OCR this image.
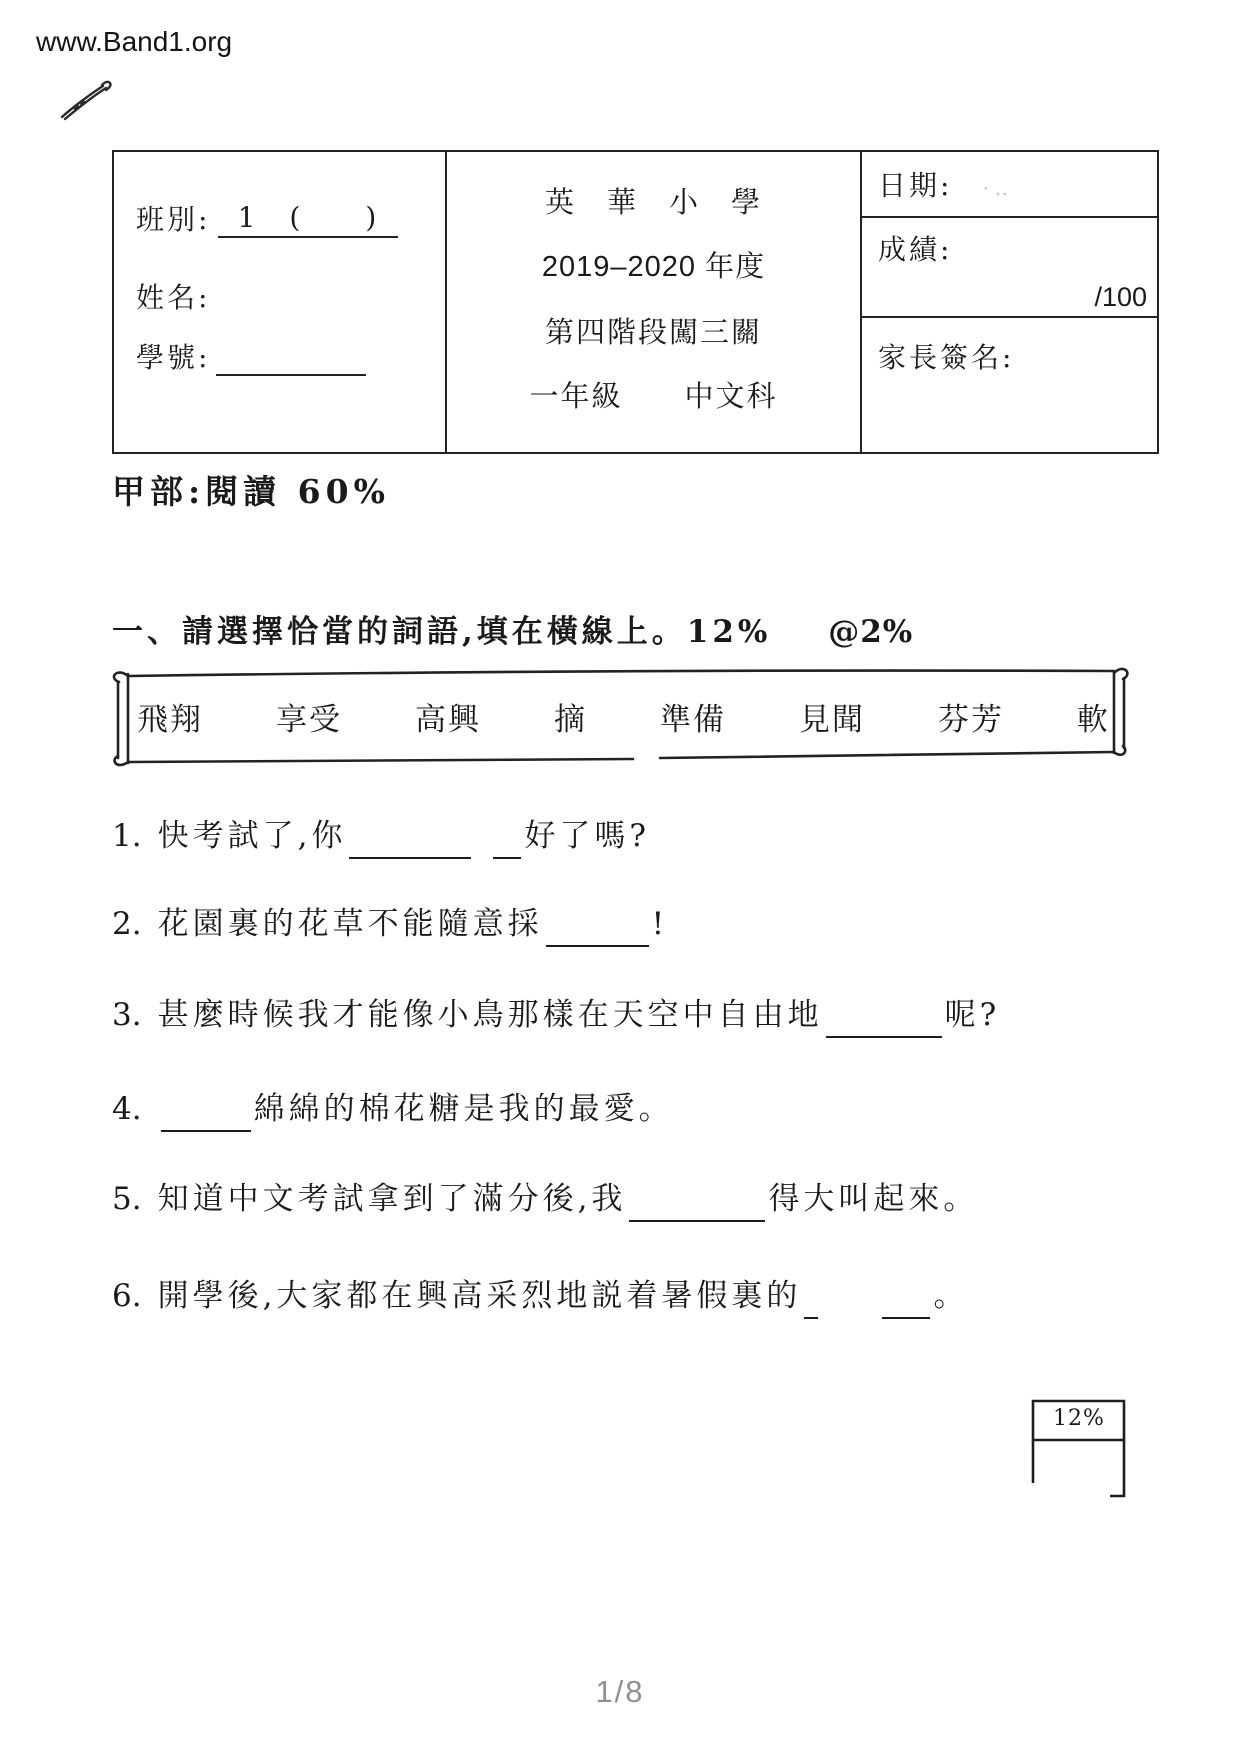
www.Band1.org
班別: 1　(　　)
姓名:
學號:
英　華　小　學
2019–2020 年度
第四階段闖三關
一年級　　中文科
日期: ·‥
成績:
/100
家長簽名:
甲部:閱讀 60%
一、請選擇恰當的詞語,填在橫線上。12% @2%
飛翔 享受 高興 摘 準備 見聞 芬芳 軟
1. 快考試了,你	好了嗎?
2. 花園裏的花草不能隨意採	!
3. 甚麼時候我才能像小鳥那樣在天空中自由地	呢?
4.	綿綿的棉花糖是我的最愛。
5. 知道中文考試拿到了滿分後,我	得大叫起來。
6. 開學後,大家都在興高采烈地説着暑假裏的	。
12%
1/8
